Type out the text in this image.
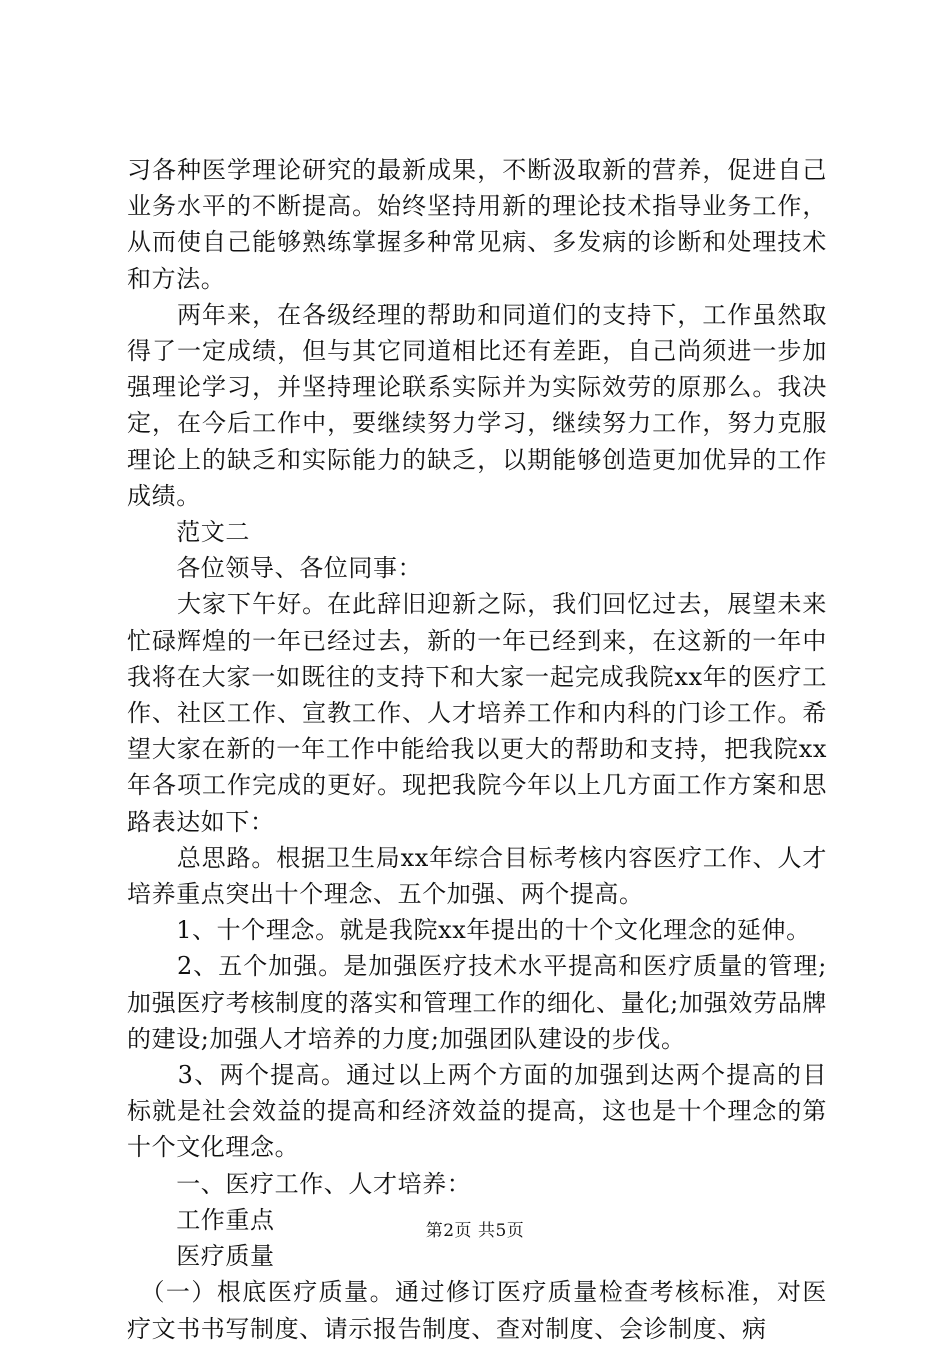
习各种医学理论研究的最新成果，不断汲取新的营养，促进自己业务水平的不断提高。始终坚持用新的理论技术指导业务工作，从而使自己能够熟练掌握多种常见病、多发病的诊断和处理技术和方法。

　　两年来，在各级经理的帮助和同道们的支持下，工作虽然取得了一定成绩，但与其它同道相比还有差距，自己尚须进一步加强理论学习，并坚持理论联系实际并为实际效劳的原那么。我决定，在今后工作中，要继续努力学习，继续努力工作，努力克服理论上的缺乏和实际能力的缺乏，以期能够创造更加优异的工作成绩。

　　范文二

　　各位领导、各位同事：

　　大家下午好。在此辞旧迎新之际，我们回忆过去，展望未来忙碌辉煌的一年已经过去，新的一年已经到来，在这新的一年中我将在大家一如既往的支持下和大家一起完成我院xx年的医疗工作、社区工作、宣教工作、人才培养工作和内科的门诊工作。希望大家在新的一年工作中能给我以更大的帮助和支持，把我院xx年各项工作完成的更好。现把我院今年以上几方面工作方案和思路表达如下：

　　总思路。根据卫生局xx年综合目标考核内容医疗工作、人才培养重点突出十个理念、五个加强、两个提高。

　　1、十个理念。就是我院xx年提出的十个文化理念的延伸。

　　2、五个加强。是加强医疗技术水平提高和医疗质量的管理;加强医疗考核制度的落实和管理工作的细化、量化;加强效劳品牌的建设;加强人才培养的力度;加强团队建设的步伐。

　　3、两个提高。通过以上两个方面的加强到达两个提高的目标就是社会效益的提高和经济效益的提高，这也是十个理念的第十个文化理念。

　　一、医疗工作、人才培养：

　　工作重点

　　医疗质量

　（一）根底医疗质量。通过修订医疗质量检查考核标准，对医疗文书书写制度、请示报告制度、查对制度、会诊制度、病

第2页 共5页
